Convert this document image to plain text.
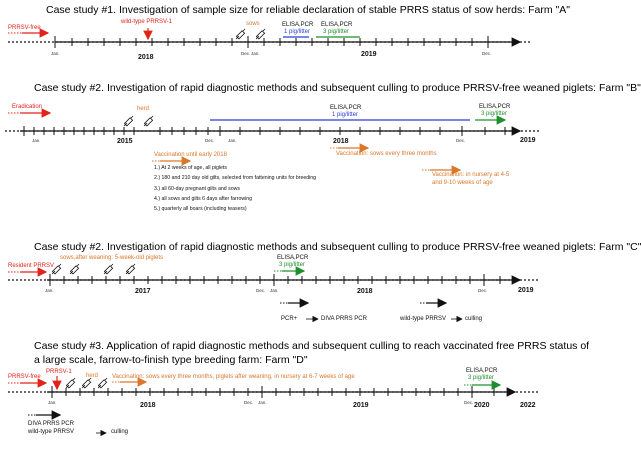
Case study #1. Investigation of sample size for reliable declaration of stable PRRS status of sow herds: Farm "A"
PRRSV-free
wild-type PRRSV-1	sows	ELISA,PCR
1 pig/litter
ELISA,PCR
3 pig/litter
Jan.	Dec. Jan.	Dec.
2018	2019
Case study #2. Investigation of rapid diagnostic methods and subsequent culling to produce PRRSV-free weaned piglets: Farm "B"
Eradication	herd	ELISA,PCR
1 pig/litter
ELISA,PCR
3 pig/litter
Jan.	Dec.	Jan.	Dec.
2015	2018	2019
Vaccination until early 2018	Vaccination: sows every three months
Vaccination: in nursery at 4-5
and 9-10 weeks of age
1.) At 2 weeks of age, all piglets
2.) 180 and 210 day old gilts, selected from fattening units for breeding
3.) all 60-day pregnant gilts and sows
4.) all sows and gilts 6 days after farrowing
5.) quarterly all boars (including teasers)
Case study #2. Investigation of rapid diagnostic methods and subsequent culling to produce PRRSV-free weaned piglets: Farm "C"
Resident PRRSV
sows,after weaning: 5-week-old piglets	ELISA,PCR
3 pig/litter
Jan.	Dec. Jan.	Dec.
2017	2018	2019
PCR+	DIVA PRRS PCR	wild-type PRRSV	culling
Case study #3. Application of rapid diagnostic methods and subsequent culling to reach vaccinated free PRRS status of
a large scale, farrow-to-finish type breeding farm: Farm "D"
PRRSV-free
PRRSV-1
herd Vaccination: sows every three months, piglets after weaning, in nursery at 6-7 weeks of age
ELISA,PCR
3 pig/litter
Jan.	Dec. Jan.	Dec.
2018	2019	2020	2022
DIVA PRRS PCR
wild-type PRRSV	culling
